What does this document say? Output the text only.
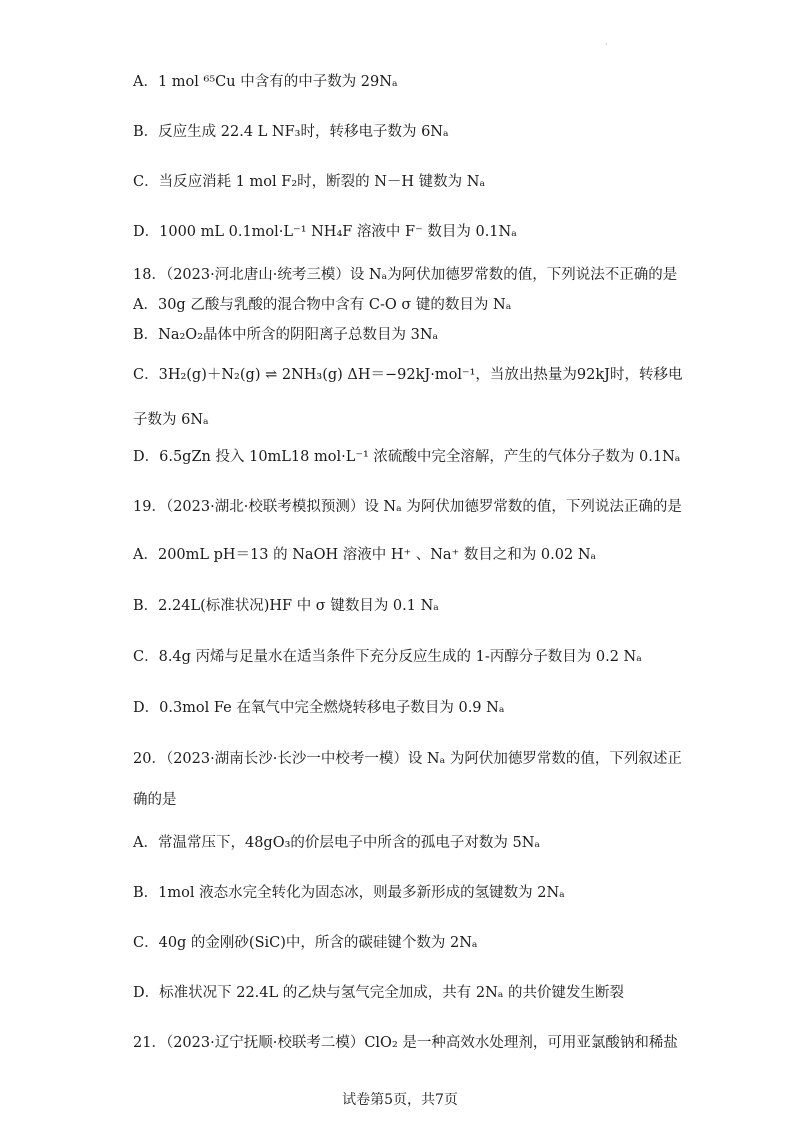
·
A．1 mol ⁶⁵Cu 中含有的中子数为 29Nₐ
B．反应生成 22.4 L NF₃时，转移电子数为 6Nₐ
C．当反应消耗 1 mol F₂时，断裂的 N－H 键数为 Nₐ
D．1000 mL 0.1mol·L⁻¹ NH₄F 溶液中 F⁻ 数目为 0.1Nₐ
18．（2023·河北唐山·统考三模）设 Nₐ为阿伏加德罗常数的值，下列说法不正确的是
A．30g 乙酸与乳酸的混合物中含有 C-O σ 键的数目为 Nₐ
B．Na₂O₂晶体中所含的阴阳离子总数目为 3Nₐ
C．3H₂(g)＋N₂(g) ⇌ 2NH₃(g) ΔH＝−92kJ·mol⁻¹，当放出热量为92kJ时，转移电
子数为 6Nₐ
D．6.5gZn 投入 10mL18 mol·L⁻¹ 浓硫酸中完全溶解，产生的气体分子数为 0.1Nₐ
19．（2023·湖北·校联考模拟预测）设 Nₐ 为阿伏加德罗常数的值，下列说法正确的是
A．200mL pH＝13 的 NaOH 溶液中 H⁺ 、Na⁺ 数目之和为 0.02 Nₐ
B．2.24L(标准状况)HF 中 σ 键数目为 0.1 Nₐ
C．8.4g 丙烯与足量水在适当条件下充分反应生成的 1-丙醇分子数目为 0.2 Nₐ
D．0.3mol Fe 在氧气中完全燃烧转移电子数目为 0.9 Nₐ
20．（2023·湖南长沙·长沙一中校考一模）设 Nₐ 为阿伏加德罗常数的值，下列叙述正
确的是
A．常温常压下，48gO₃的价层电子中所含的孤电子对数为 5Nₐ
B．1mol 液态水完全转化为固态冰，则最多新形成的氢键数为 2Nₐ
C．40g 的金刚砂(SiC)中，所含的碳硅键个数为 2Nₐ
D．标准状况下 22.4L 的乙炔与氢气完全加成，共有 2Nₐ 的共价键发生断裂
21．（2023·辽宁抚顺·校联考二模）ClO₂ 是一种高效水处理剂，可用亚氯酸钠和稀盐
试卷第5页，共7页
